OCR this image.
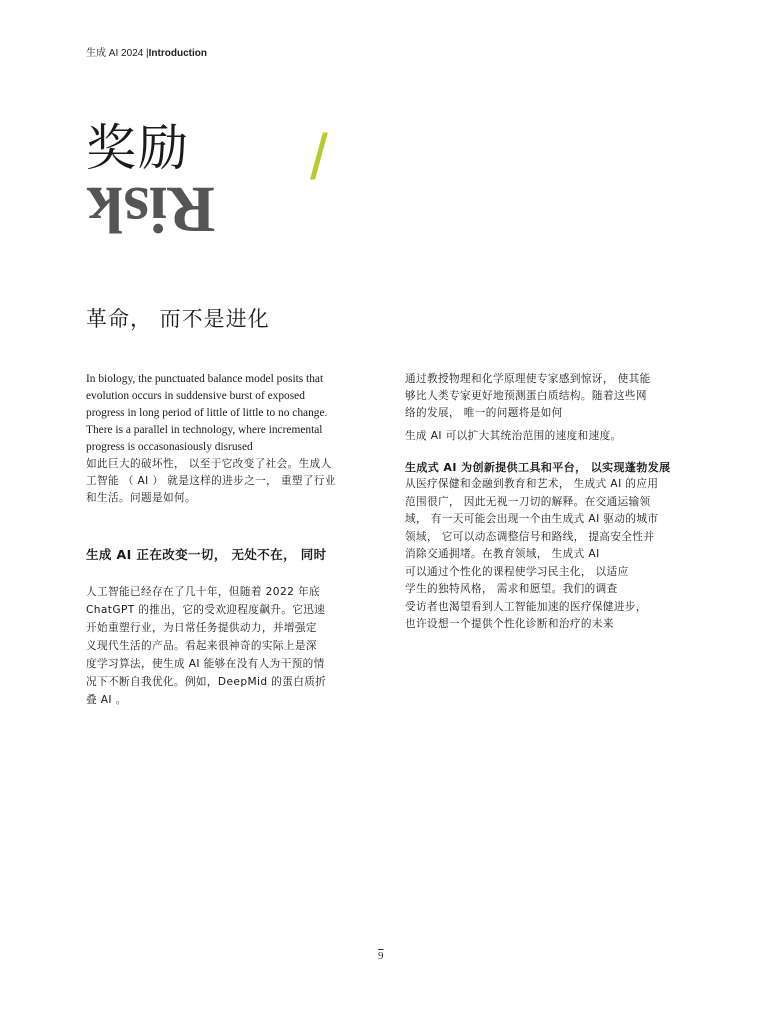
生成 AI 2024 |Introduction
奖励
Risk
/
革命， 而不是进化

In biology, the punctuated balance model posits that

evolution occurs in suddensive burst of exposed

progress in long period of little of little to no change.

There is a parallel in technology, where incremental

progress is occasonasiously disrused

如此巨大的破坏性， 以至于它改变了社会。生成人

工智能 （ AI ） 就是这样的进步之一， 重塑了行业

和生活。问题是如何。

生成 AI 正在改变一切， 无处不在， 同时

人工智能已经存在了几十年，但随着 2022 年底

ChatGPT 的推出，它的受欢迎程度飙升。它迅速

开始重塑行业，为日常任务提供动力，并增强定

义现代生活的产品。看起来很神奇的实际上是深

度学习算法，使生成 AI 能够在没有人为干预的情

况下不断自我优化。例如，DeepMid 的蛋白质折

叠 AI 。

通过教授物理和化学原理使专家感到惊讶， 使其能

够比人类专家更好地预测蛋白质结构。随着这些网

络的发展， 唯一的问题将是如何

生成 AI 可以扩大其统治范围的速度和速度。

生成式 AI 为创新提供工具和平台， 以实现蓬勃发展

从医疗保健和金融到教育和艺术， 生成式 AI 的应用

范围很广， 因此无视一刀切的解释。在交通运输领

域， 有一天可能会出现一个由生成式 AI 驱动的城市

领域， 它可以动态调整信号和路线， 提高安全性并

消除交通拥堵。在教育领域， 生成式 AI

可以通过个性化的课程使学习民主化， 以适应

学生的独特风格， 需求和愿望。我们的调查

受访者也渴望看到人工智能加速的医疗保健进步，

也许设想一个提供个性化诊断和治疗的未来

9
